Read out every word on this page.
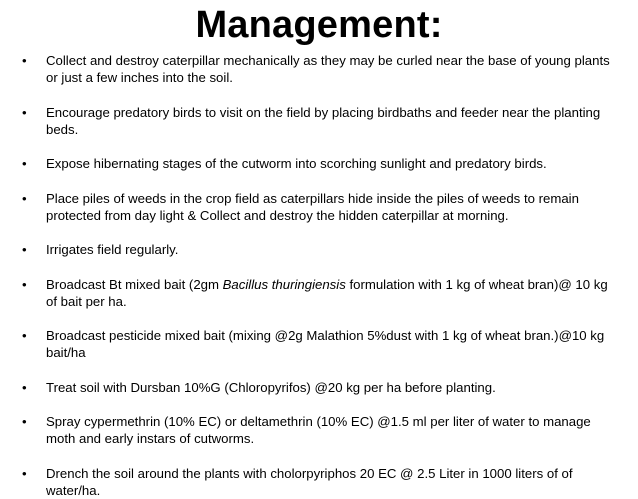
Management:
•	Collect and destroy caterpillar mechanically as they may be curled near the base of young plants or just a few inches into the soil.
•	Encourage predatory birds to visit on the field by placing birdbaths and feeder near the planting beds.
•	Expose hibernating stages of the cutworm into scorching sunlight and predatory birds.
•	Place piles of weeds in the crop field as caterpillars hide inside the piles of weeds to remain protected from day light & Collect and destroy the hidden caterpillar at morning.
•	Irrigates field regularly.
•	Broadcast Bt mixed bait (2gm Bacillus thuringiensis formulation with 1 kg of wheat bran)@ 10 kg of bait per ha.
•	Broadcast pesticide mixed bait (mixing @2g Malathion 5%dust with 1 kg of wheat bran.)@10 kg bait/ha
•	Treat soil with Dursban 10%G (Chloropyrifos) @20 kg per ha before planting.
•	Spray cypermethrin (10% EC) or deltamethrin (10% EC) @1.5 ml per liter of water to manage moth and early instars of cutworms.
•	Drench the soil around the plants with cholorpyriphos 20 EC @ 2.5 Liter in 1000 liters of of water/ha.
